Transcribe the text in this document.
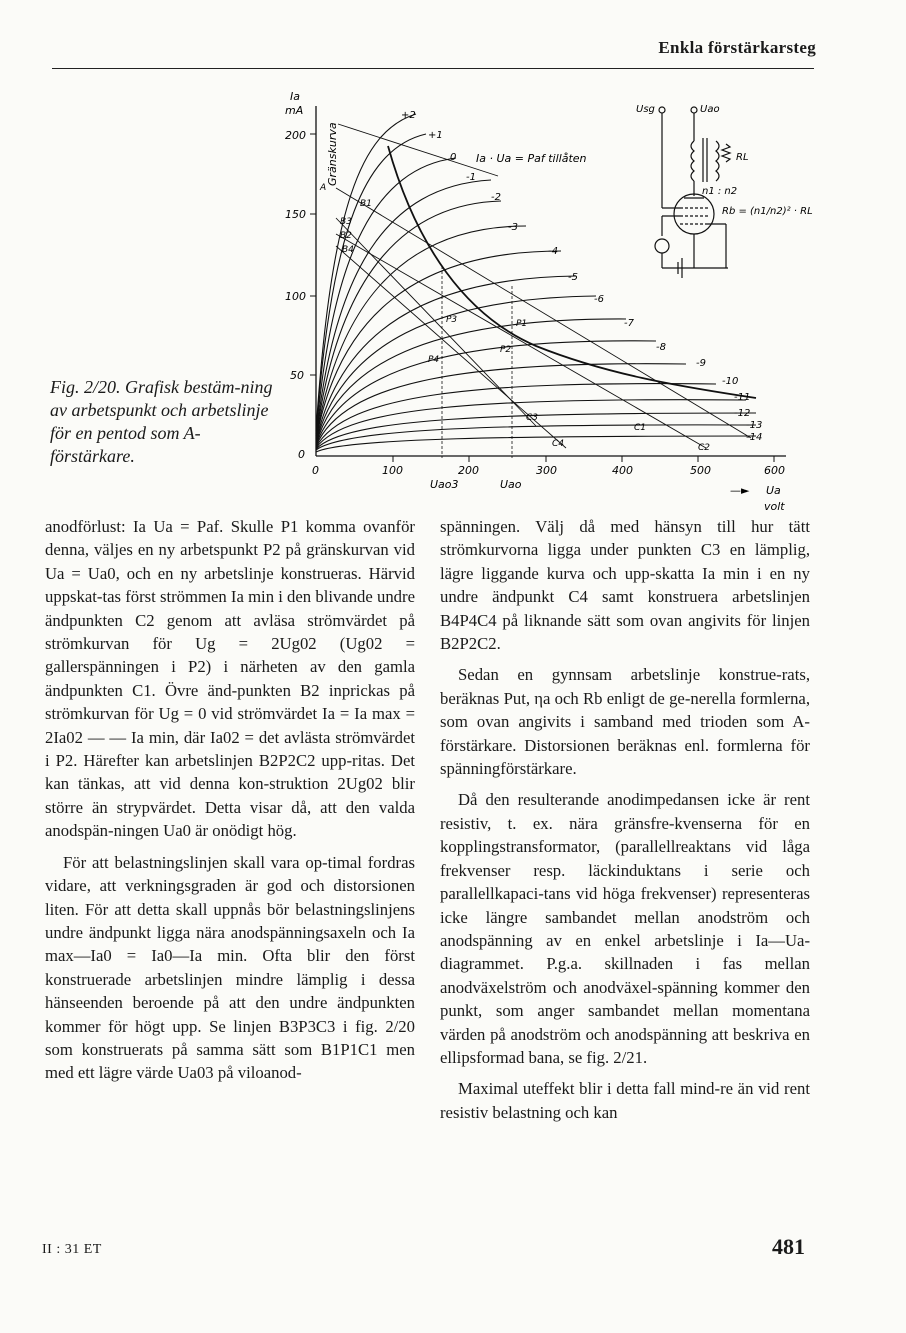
Enkla förstärkarsteg
Fig. 2/20. Grafisk bestäm‑ning av arbetspunkt och arbetslinje för en pentod som A-förstärkare.
Ia
mA
200
150
100
50
0
Gränskurva
+2
+1
0
-1
-2
-3
-4
-5
-6
-7
-8
-9
-10
-11
-12
-13
-14
Ia · Ua = Paf tillåten
A
B1
B3
B2
B4
P3	P1
P4
P2
C3
C1
C4	C2
0	100	200	300	400	500	600
Uao3	Uao	—► Ua
volt
Usg	Uao
RL
n1 : n2
Rb = (n1/n2)² · RL

anodförlust: Ia Ua = Paf. Skulle P1 komma ovanför denna, väljes en ny arbetspunkt P2 på gränskurvan vid Ua = Ua0, och en ny arbetslinje konstrueras. Härvid uppskat-tas först strömmen Ia min i den blivande undre ändpunkten C2 genom att avläsa strömvärdet på strömkurvan för Ug = 2Ug02 (Ug02 = gallerspänningen i P2) i närheten av den gamla ändpunkten C1. Övre änd-punkten B2 inprickas på strömkurvan för Ug = 0 vid strömvärdet Ia = Ia max = 2Ia02 — — Ia min, där Ia02 = det avlästa strömvärdet i P2. Härefter kan arbetslinjen B2P2C2 upp-ritas. Det kan tänkas, att vid denna kon-struktion 2Ug02 blir större än strypvärdet. Detta visar då, att den valda anodspän-ningen Ua0 är onödigt hög.

För att belastningslinjen skall vara op-timal fordras vidare, att verkningsgraden är god och distorsionen liten. För att detta skall uppnås bör belastningslinjens undre ändpunkt ligga nära anodspänningsaxeln och Ia max—Ia0 = Ia0—Ia min. Ofta blir den först konstruerade arbetslinjen mindre lämplig i dessa hänseenden beroende på att den undre ändpunkten kommer för högt upp. Se linjen B3P3C3 i fig. 2/20 som konstruerats på samma sätt som B1P1C1 men med ett lägre värde Ua03 på viloanod-

spänningen. Välj då med hänsyn till hur tätt strömkurvorna ligga under punkten C3 en lämplig, lägre liggande kurva och upp-skatta Ia min i en ny undre ändpunkt C4 samt konstruera arbetslinjen B4P4C4 på liknande sätt som ovan angivits för linjen B2P2C2.

Sedan en gynnsam arbetslinje konstrue-rats, beräknas Put, ηa och Rb enligt de ge-nerella formlerna, som ovan angivits i samband med trioden som A-förstärkare. Distorsionen beräknas enl. formlerna för spänningförstärkare.

Då den resulterande anodimpedansen icke är rent resistiv, t. ex. nära gränsfre-kvenserna för en kopplingstransformator, (parallellreaktans vid låga frekvenser resp. läckinduktans i serie och parallellkapaci-tans vid höga frekvenser) representeras icke längre sambandet mellan anodström och anodspänning av en enkel arbetslinje i Ia—Ua-diagrammet. P.g.a. skillnaden i fas mellan anodväxelström och anodväxel-spänning kommer den punkt, som anger sambandet mellan momentana värden på anodström och anodspänning att beskriva en ellipsformad bana, se fig. 2/21.

Maximal uteffekt blir i detta fall mind-re än vid rent resistiv belastning och kan

II : 31 ET	481
